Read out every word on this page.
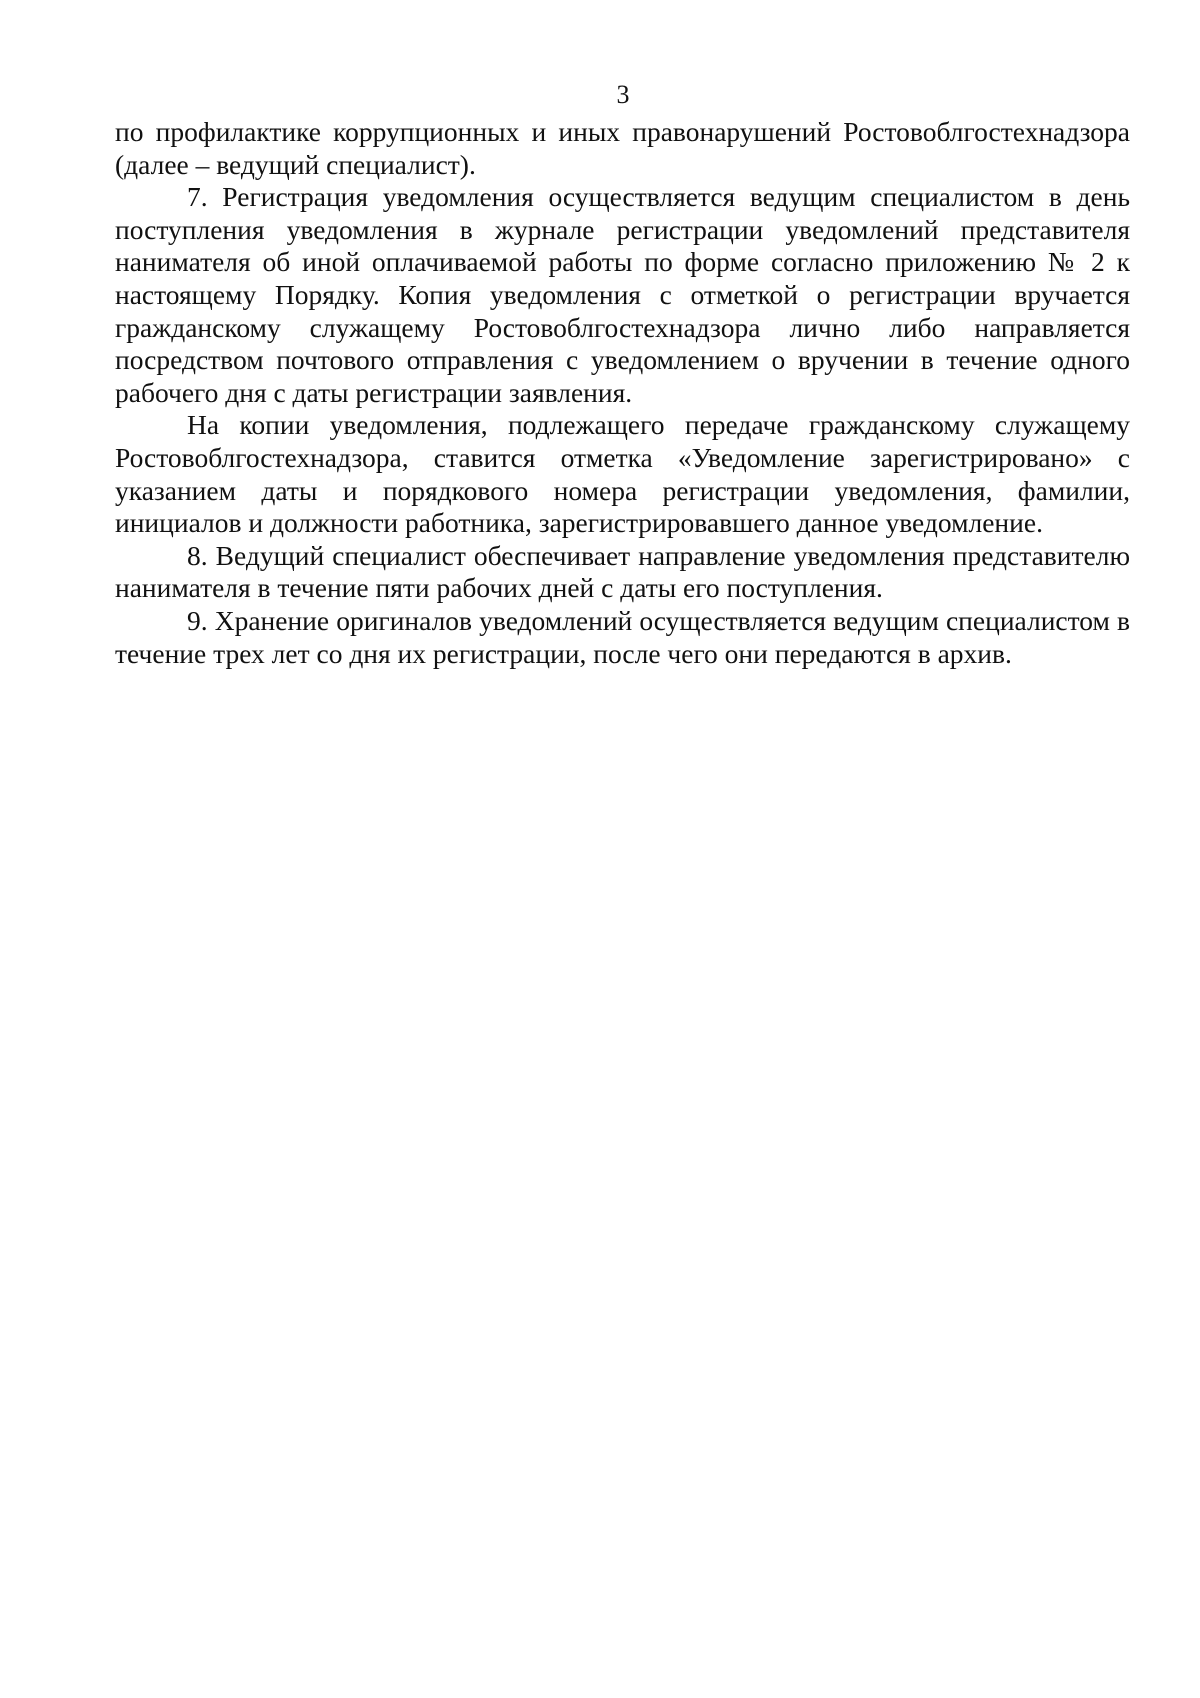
3

по профилактике коррупционных и иных правонарушений Ростовоблгостехнадзора (далее – ведущий специалист).

7. Регистрация уведомления осуществляется ведущим специалистом в день поступления уведомления в журнале регистрации уведомлений представителя нанимателя об иной оплачиваемой работы по форме согласно приложению № 2 к настоящему Порядку. Копия уведомления с отметкой о регистрации вручается гражданскому служащему Ростовоблгостехнадзора лично либо направляется посредством почтового отправления с уведомлением о вручении в течение одного рабочего дня с даты регистрации заявления.

На копии уведомления, подлежащего передаче гражданскому служащему Ростовоблгостехнадзора, ставится отметка «Уведомление зарегистрировано» с указанием даты и порядкового номера регистрации уведомления, фамилии, инициалов и должности работника, зарегистрировавшего данное уведомление.

8. Ведущий специалист обеспечивает направление уведомления представителю нанимателя в течение пяти рабочих дней с даты его поступления.

9. Хранение оригиналов уведомлений осуществляется ведущим специалистом в течение трех лет со дня их регистрации, после чего они передаются в архив.
